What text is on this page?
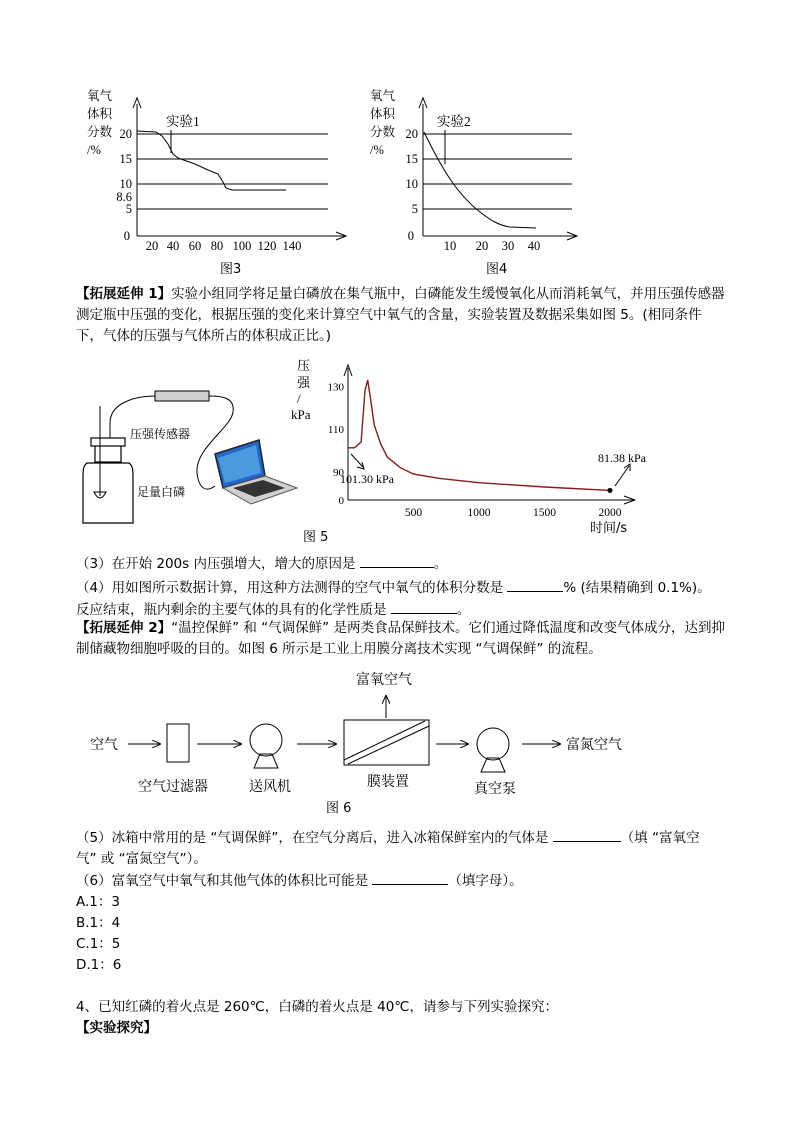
氧气
体积
分数
/%
20
15
10
8.6
5
0
20 40 60 80 100 120 140
实验1
图3
氧气
体积
分数
/%
20
15
10
5
0
10 20 30 40
实验2
图4
【拓展延伸 1】实验小组同学将足量白磷放在集气瓶中，白磷能发生缓慢氧化从而消耗氧气，并用压强传感器测定瓶中压强的变化，根据压强的变化来计算空气中氧气的含量，实验装置及数据采集如图 5。(相同条件下，气体的压强与气体所占的体积成正比。)
压强传感器
足量白磷
压
强
/
kPa
130
110
90
0
500	1000	1500	2000
101.30 kPa
81.38 kPa
时间/s
图 5
（3）在开始 200s 内压强增大，增大的原因是	。
（4）用如图所示数据计算，用这种方法测得的空气中氧气的体积分数是	% (结果精确到 0.1%)。
反应结束，瓶内剩余的主要气体的具有的化学性质是	。
【拓展延伸 2】“温控保鲜” 和 “气调保鲜” 是两类食品保鲜技术。它们通过降低温度和改变气体成分，达到抑制储藏物细胞呼吸的目的。如图 6 所示是工业上用膜分离技术实现 “气调保鲜” 的流程。
空气
空气过滤器	送风机	膜装置	真空泵
富氧空气
富氮空气
图 6
（5）冰箱中常用的是 “气调保鲜”，在空气分离后，进入冰箱保鲜室内的气体是	（填 “富氧空
气” 或 “富氮空气”）。
（6）富氧空气中氧气和其他气体的体积比可能是	（填字母）。
A.1：3
B.1：4
C.1：5
D.1：6
4、已知红磷的着火点是 260℃，白磷的着火点是 40℃，请参与下列实验探究：
【实验探究】
